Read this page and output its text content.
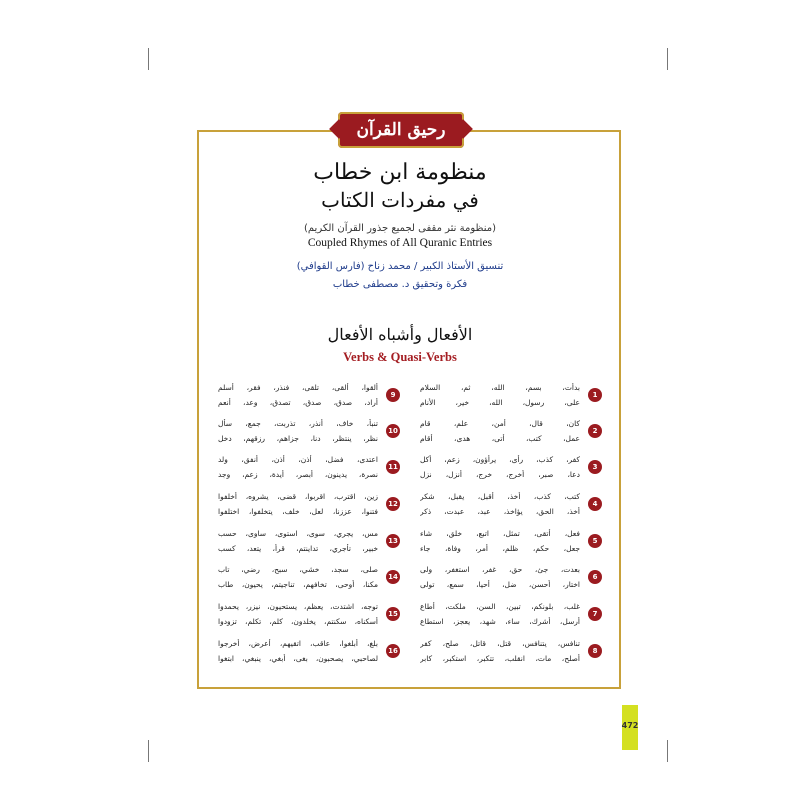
رحيق القرآن
منظومة ابن خطاب
في مفردات الكتاب
(منظومة نثر مقفى لجميع جذور القرآن الكريم)
Coupled Rhymes of All Quranic Entries
تنسيق الأستاذ الكبير / محمد زناح (فارس القوافي)
فكرة وتحقيق د. مصطفى خطاب
الأفعال وأشباه الأفعال
Verbs & Quasi-Verbs
بدأت، بسم، الله، ثم، السلام
على، رسول، الله، خير، الأنام
1
كان، قال، أمن، علم، قام
عمل، كتب، أتى، هدى، أقام
2
كفر، كذب، رأى، يرأؤون، زعم، أكل
دعا، صبر، أخرج، خرج، أنزل، نزل
3
كتب، كذب، أخذ، أقبل، يقبل، شكر
أخذ، الحق، يؤاخذ، عبد، عبدت، ذكر
4
فعل، أتقى، تمثل، اتبع، خلق، شاء
جعل، حكم، ظلم، أمر، وفاة، جاء
5
بعدت، جئ، حق، غفر، استغفر، ولى
اختار، أحسن، ضل، أحيا، سمع، تولى
6
غلب، بلونكم، تبين، السن، ملكت، أطاع
أرسل، أشرك، ساء، شهد، يعجز، استطاع
7
تنافس، يتنافس، قتل، قاتل، صلح، كفر
أصلح، مات، انقلب، تتكبر، استكبر، كابر
8
ألقوا، ألقى، تلقى، فنذر، فقر، أسلم
أراد، صدق، صدق، تصدق، وعد، أنعم
9
تنبأ، خاف، أنذر، تذربت، جمع، سأل
نظر، ينتظر، دنا، جزاهم، رزقهم، دخل
10
اعتدى، فضل، أذن، أذن، أنفق، ولد
نصرة، يدينون، أبصر، أيدة، زعم، وجد
11
زين، اقترب، اقربوا، قضى، يشروه، أخلفوا
فتنوا، عززنا، لعل، خلف، يتخلفوا، اختلفوا
12
مس، يجري، سوى، استوى، ساوى، حسب
خبير، تأجري، تداينتم، قرأ، يتعد، كسب
13
صلى، سجد، خشي، سبح، رضي، تاب
مكنا، أوحى، تخافهم، تناجيتم، يحيون، طاب
14
توجه، اشتدت، يعظم، يستحيون، نيزر، يحمدوا
أسكناه، سكنتم، يخلدون، كلم، تكلم، تزودوا
15
بلغ، أبلغوا، عاقب، اتقيهم، أعرض، أخرجوا
لصاحبي، يصحبون، بغى، أبغي، ينبغي، ابتغوا
16
472
